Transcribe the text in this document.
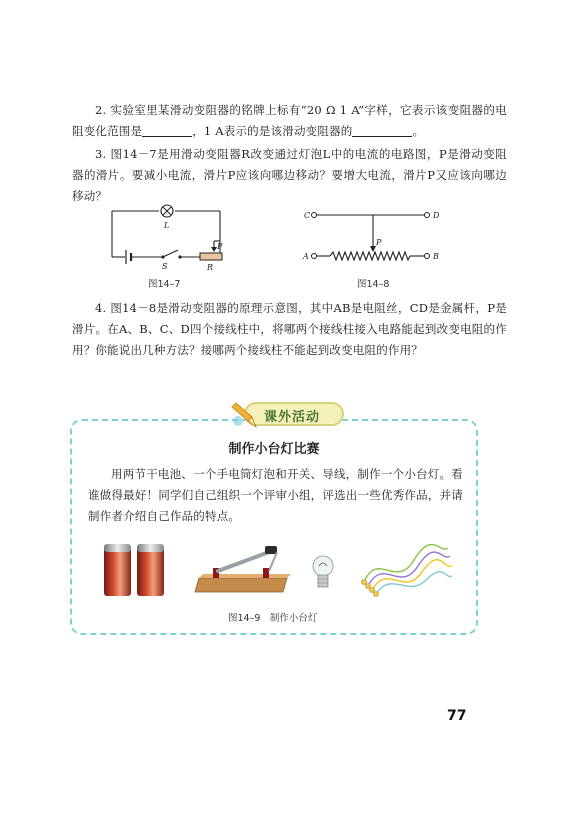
2. 实验室里某滑动变阻器的铭牌上标有“20 Ω 1 A”字样，它表示该变阻器的电阻变化范围是	，1 A表示的是该滑动变阻器的	。

3. 图14－7是用滑动变阻器R改变通过灯泡L中的电流的电路图，P是滑动变阻器的滑片。要减小电流，滑片P应该向哪边移动？要增大电流，滑片P又应该向哪边移动？

L
P
S	R
图14–7
C	D
A	B
P
图14–8

4. 图14－8是滑动变阻器的原理示意图，其中AB是电阻丝，CD是金属杆，P是滑片。在A、B、C、D四个接线柱中，将哪两个接线柱接入电路能起到改变电阻的作用？你能说出几种方法？接哪两个接线柱不能起到改变电阻的作用？

课外活动
制作小台灯比赛

用两节干电池、一个手电筒灯泡和开关、导线，制作一个小台灯。看谁做得最好！同学们自己组织一个评审小组，评选出一些优秀作品，并请制作者介绍自己作品的特点。

图14–9　制作小台灯
77
